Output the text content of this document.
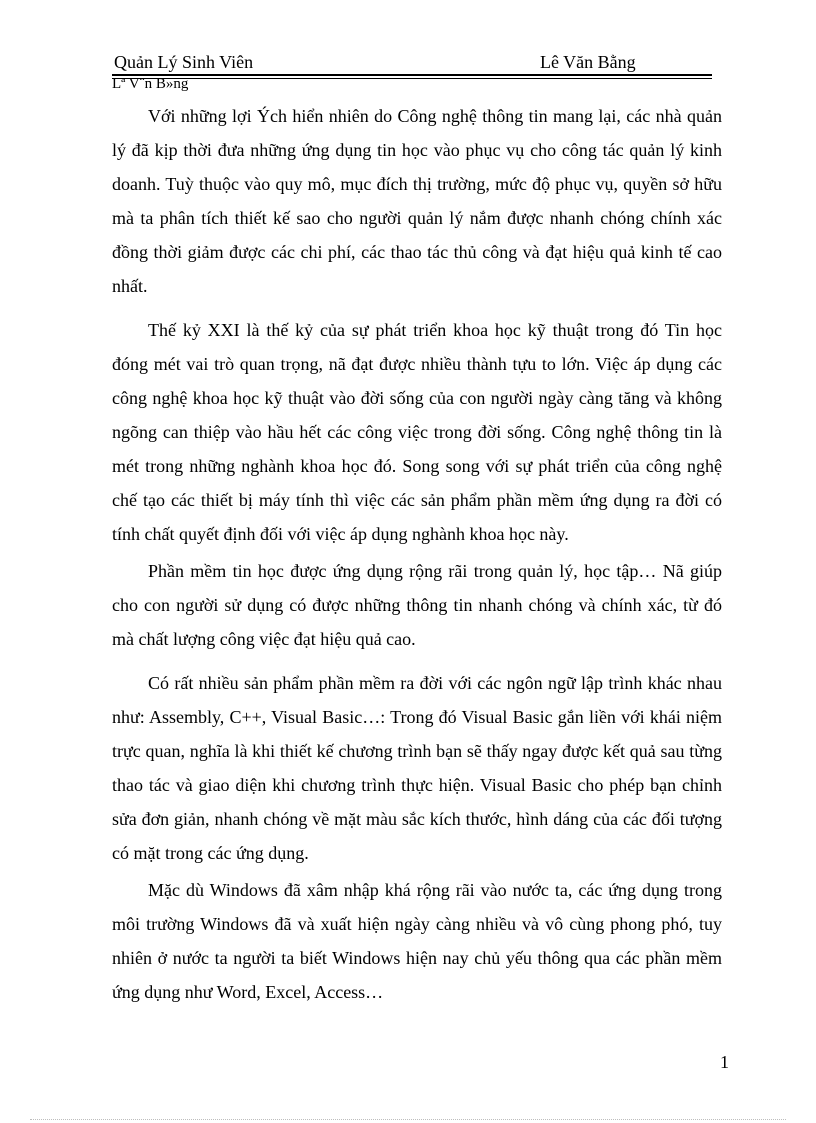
Quản Lý Sinh Viên	Lê Văn Bằng
Lª V¨n B»ng

Với những lợi Ých hiển nhiên do Công nghệ thông tin mang lại, các nhà quản lý đã kịp thời đưa những ứng dụng tin học vào phục vụ cho công tác quản lý kinh doanh. Tuỳ thuộc vào quy mô, mục đích thị trường, mức độ phục vụ, quyền sở hữu mà ta phân tích thiết kế sao cho người quản lý nắm được nhanh chóng chính xác đồng thời giảm được các chi phí, các thao tác thủ công và đạt hiệu quả kinh tế cao nhất.

Thế kỷ XXI là thế kỷ của sự phát triển khoa học kỹ thuật trong đó Tin học đóng mét vai trò quan trọng, nã đạt được nhiều thành tựu to lớn. Việc áp dụng các công nghệ khoa học kỹ thuật vào đời sống của con người ngày càng tăng và không ngõng can thiệp vào hầu hết các công việc trong đời sống. Công nghệ thông tin là mét trong những nghành khoa học đó. Song song với sự phát triển của công nghệ chế tạo các thiết bị máy tính thì việc các sản phẩm phần mềm ứng dụng ra đời có tính chất quyết định đối với việc áp dụng nghành khoa học này.

Phần mềm tin học được ứng dụng rộng rãi trong quản lý, học tập… Nã giúp cho con người sử dụng có được những thông tin nhanh chóng và chính xác, từ đó mà chất lượng công việc đạt hiệu quả cao.

Có rất nhiều sản phẩm phần mềm ra đời với các ngôn ngữ lập trình khác nhau như: Assembly, C++, Visual Basic…: Trong đó Visual Basic gắn liền với khái niệm trực quan, nghĩa là khi thiết kế chương trình bạn sẽ thấy ngay được kết quả sau từng thao tác và giao diện khi chương trình thực hiện. Visual Basic cho phép bạn chỉnh sửa đơn giản, nhanh chóng về mặt màu sắc kích thước, hình dáng của các đối tượng có mặt trong các ứng dụng.

Mặc dù Windows đã xâm nhập khá rộng rãi vào nước ta, các ứng dụng trong môi trường Windows đã và xuất hiện ngày càng nhiều và vô cùng phong phó, tuy nhiên ở nước ta người ta biết Windows hiện nay chủ yếu thông qua các phần mềm ứng dụng như Word, Excel, Access…

1
